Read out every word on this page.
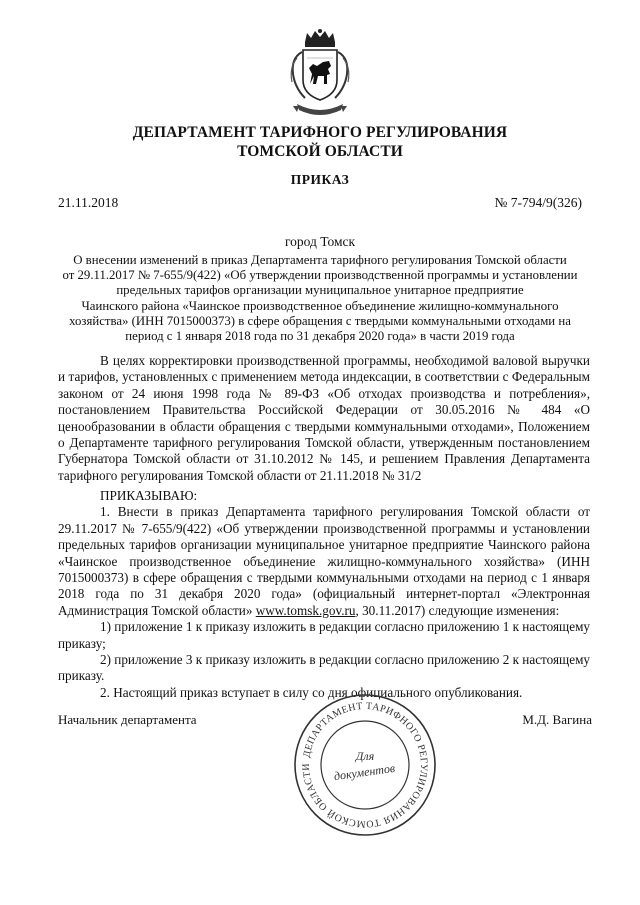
ДЕПАРТАМЕНТ ТАРИФНОГО РЕГУЛИРОВАНИЯ
ТОМСКОЙ ОБЛАСТИ
ПРИКАЗ
21.11.2018	№ 7-794/9(326)
город Томск
О внесении изменений в приказ Департамента тарифного регулирования Томской области
от 29.11.2017 № 7-655/9(422) «Об утверждении производственной программы и установлении
предельных тарифов организации муниципальное унитарное предприятие
Чаинского района «Чаинское производственное объединение жилищно-коммунального
хозяйства» (ИНН 7015000373) в сфере обращения с твердыми коммунальными отходами на
период с 1 января 2018 года по 31 декабря 2020 года» в части 2019 года
В целях корректировки производственной программы, необходимой валовой выручки и тарифов, установленных с применением метода индексации, в соответствии с Федеральным законом от 24 июня 1998 года № 89-ФЗ «Об отходах производства и потребления», постановлением Правительства Российской Федерации от 30.05.2016 № 484 «О ценообразовании в области обращения с твердыми коммунальными отходами», Положением о Департаменте тарифного регулирования Томской области, утвержденным постановлением Губернатора Томской области от 31.10.2012 № 145, и решением Правления Департамента тарифного регулирования Томской области от 21.11.2018 № 31/2

ПРИКАЗЫВАЮ:

1. Внести в приказ Департамента тарифного регулирования Томской области от 29.11.2017 № 7-655/9(422) «Об утверждении производственной программы и установлении предельных тарифов организации муниципальное унитарное предприятие Чаинского района «Чаинское производственное объединение жилищно-коммунального хозяйства» (ИНН 7015000373) в сфере обращения с твердыми коммунальными отходами на период с 1 января 2018 года по 31 декабря 2020 года» (официальный интернет-портал «Электронная Администрация Томской области» www.tomsk.gov.ru, 30.11.2017) следующие изменения:

1) приложение 1 к приказу изложить в редакции согласно приложению 1 к настоящему приказу;

2) приложение 3 к приказу изложить в редакции согласно приложению 2 к настоящему приказу.

2. Настоящий приказ вступает в силу со дня официального опубликования.

Начальник департамента	М.Д. Вагина
ДЕПАРТАМЕНТ ТАРИФНОГО РЕГУЛИРОВАНИЯ ТОМСКОЙ ОБЛАСТИ
Для
документов
